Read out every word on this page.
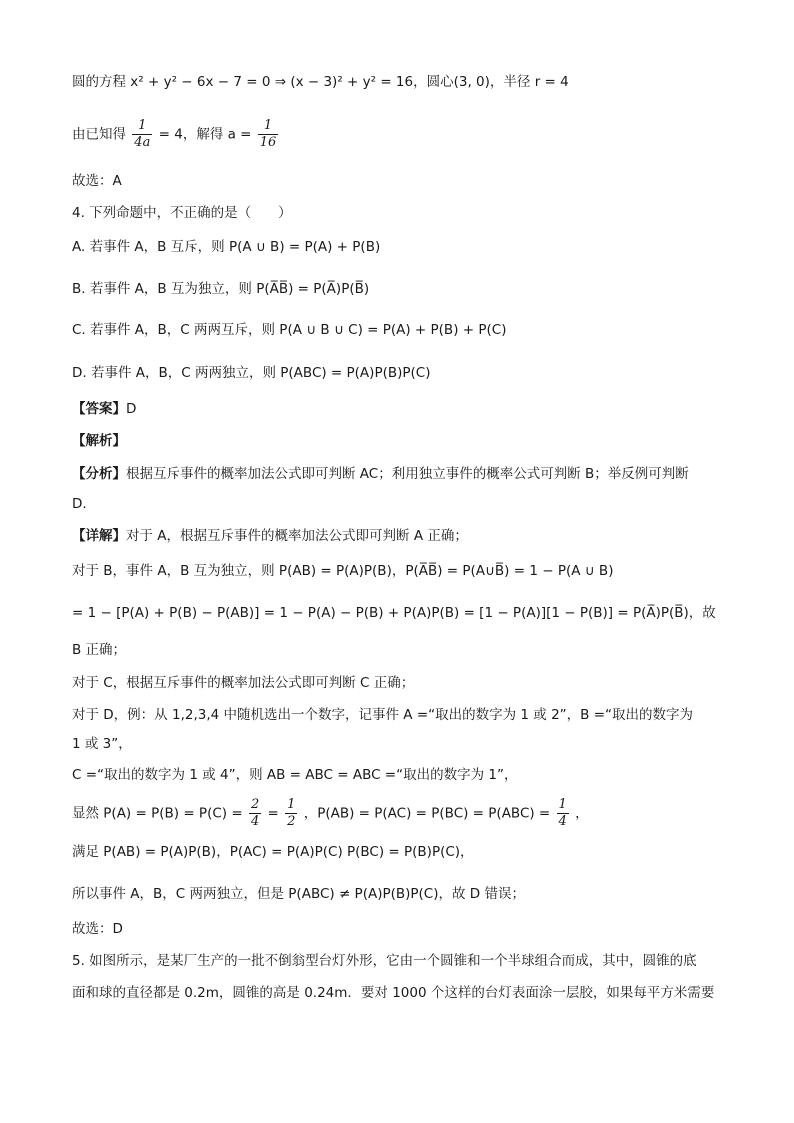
圆的方程 x² + y² − 6x − 7 = 0 ⇒ (x − 3)² + y² = 16，圆心(3, 0)，半径 r = 4
由已知得 $\frac{1}{4a} = 4$，解得 $a = \frac{1}{16}$
故选：A
4. 下列命题中，不正确的是（　　）
A. 若事件 A，B 互斥，则 P(A ∪ B) = P(A) + P(B)
B. 若事件 A，B 互为独立，则 P(A̅B̅) = P(A̅)P(B̅)
C. 若事件 A，B，C 两两互斥，则 P(A ∪ B ∪ C) = P(A) + P(B) + P(C)
D. 若事件 A，B，C 两两独立，则 P(ABC) = P(A)P(B)P(C)
【答案】D
【解析】
【分析】根据互斥事件的概率加法公式即可判断 AC；利用独立事件的概率公式可判断 B；举反例可判断
D.
【详解】对于 A，根据互斥事件的概率加法公式即可判断 A 正确；
对于 B，事件 A，B 互为独立，则 P(AB) = P(A)P(B)，P(A̅B̅) = P(A∪B̅) = 1 − P(A ∪ B)
= 1 − [P(A) + P(B) − P(AB)] = 1 − P(A) − P(B) + P(A)P(B) = [1 − P(A)][1 − P(B)] = P(A̅)P(B̅)，故
B 正确；
对于 C，根据互斥事件的概率加法公式即可判断 C 正确；
对于 D，例：从 1,2,3,4 中随机选出一个数字，记事件 A =“取出的数字为 1 或 2”，B =“取出的数字为
1 或 3”，
C =“取出的数字为 1 或 4”，则 AB = ABC = ABC =“取出的数字为 1”，
显然 $P(A) = P(B) = P(C) = \frac{2}{4} = \frac{1}{2}$ ，$P(AB) = P(AC) = P(BC) = P(ABC) = \frac{1}{4}$ ，
满足 P(AB) = P(A)P(B)，P(AC) = P(A)P(C) P(BC) = P(B)P(C)，
所以事件 A，B，C 两两独立，但是 P(ABC) ≠ P(A)P(B)P(C)，故 D 错误；
故选：D
5. 如图所示，是某厂生产的一批不倒翁型台灯外形，它由一个圆锥和一个半球组合而成，其中，圆锥的底
面和球的直径都是 0.2m，圆锥的高是 0.24m．要对 1000 个这样的台灯表面涂一层胶，如果每平方米需要
